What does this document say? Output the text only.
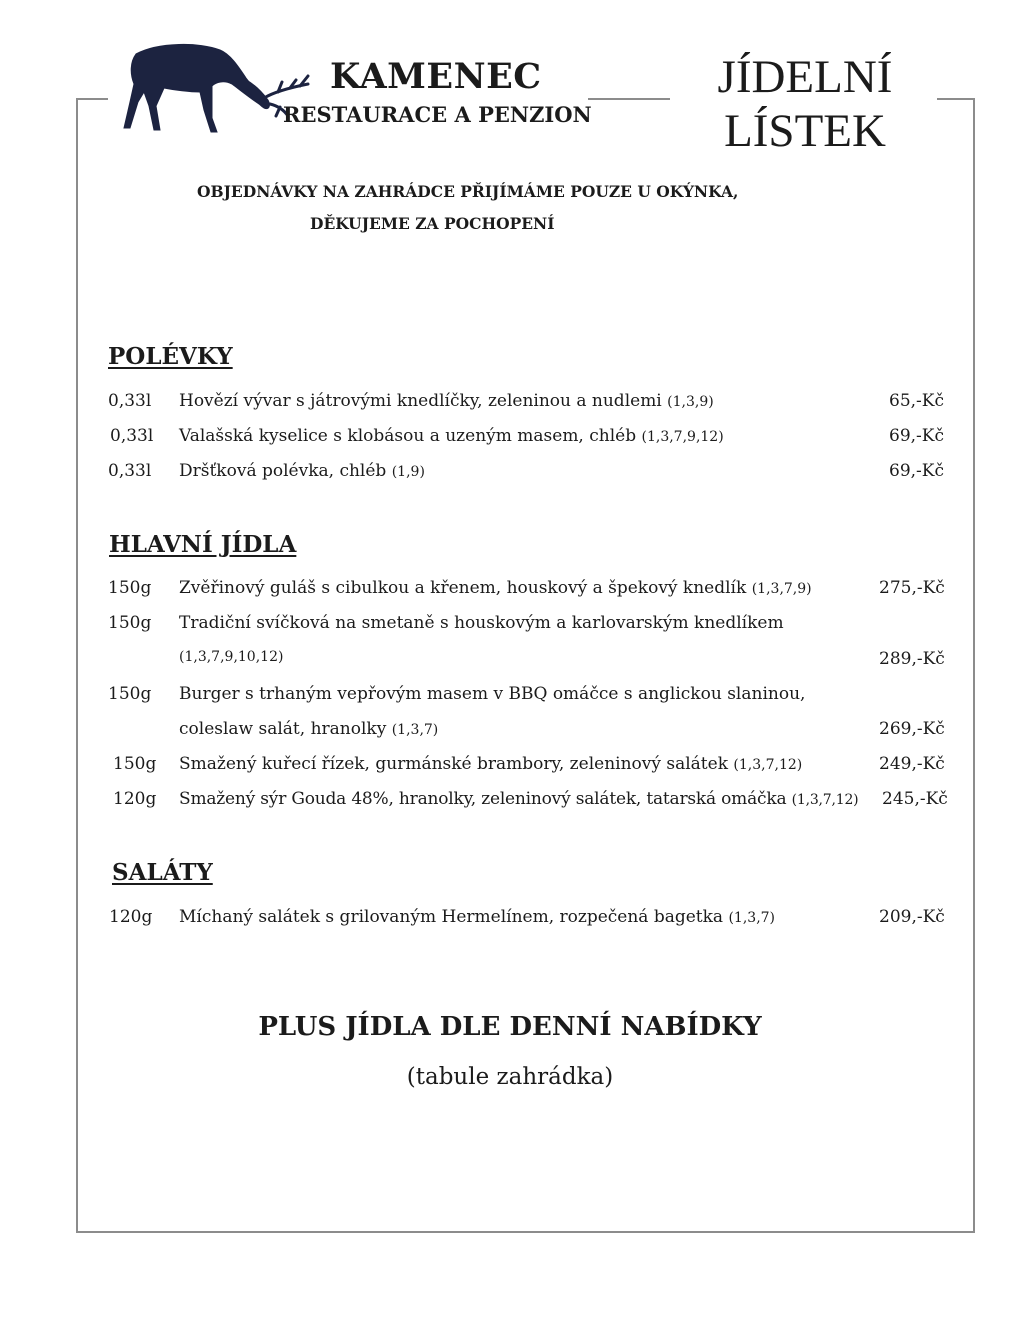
KAMENEC
RESTAURACE A PENZION
JÍDELNÍ
LÍSTEK
OBJEDNÁVKY NA ZAHRÁDCE PŘIJÍMÁME POUZE U OKÝNKA,
DĚKUJEME ZA POCHOPENÍ
POLÉVKY
0,33l Hovězí vývar s játrovými knedlíčky, zeleninou a nudlemi (1,3,9)	65,-Kč
0,33l Valašská kyselice s klobásou a uzeným masem, chléb (1,3,7,9,12)	69,-Kč
0,33l Dršťková polévka, chléb (1,9)	69,-Kč
HLAVNÍ JÍDLA
150g Zvěřinový guláš s cibulkou a křenem, houskový a špekový knedlík (1,3,7,9)	275,-Kč
150g Tradiční svíčková na smetaně s houskovým a karlovarským knedlíkem
(1,3,7,9,10,12)	289,-Kč
150g Burger s trhaným vepřovým masem v BBQ omáčce s anglickou slaninou,
coleslaw salát, hranolky (1,3,7)	269,-Kč
150g Smažený kuřecí řízek, gurmánské brambory, zeleninový salátek (1,3,7,12)	249,-Kč
120g Smažený sýr Gouda 48%, hranolky, zeleninový salátek, tatarská omáčka (1,3,7,12) 245,-Kč
SALÁTY
120g Míchaný salátek s grilovaným Hermelínem, rozpečená bagetka (1,3,7)	209,-Kč
PLUS JÍDLA DLE DENNÍ NABÍDKY
(tabule zahrádka)
